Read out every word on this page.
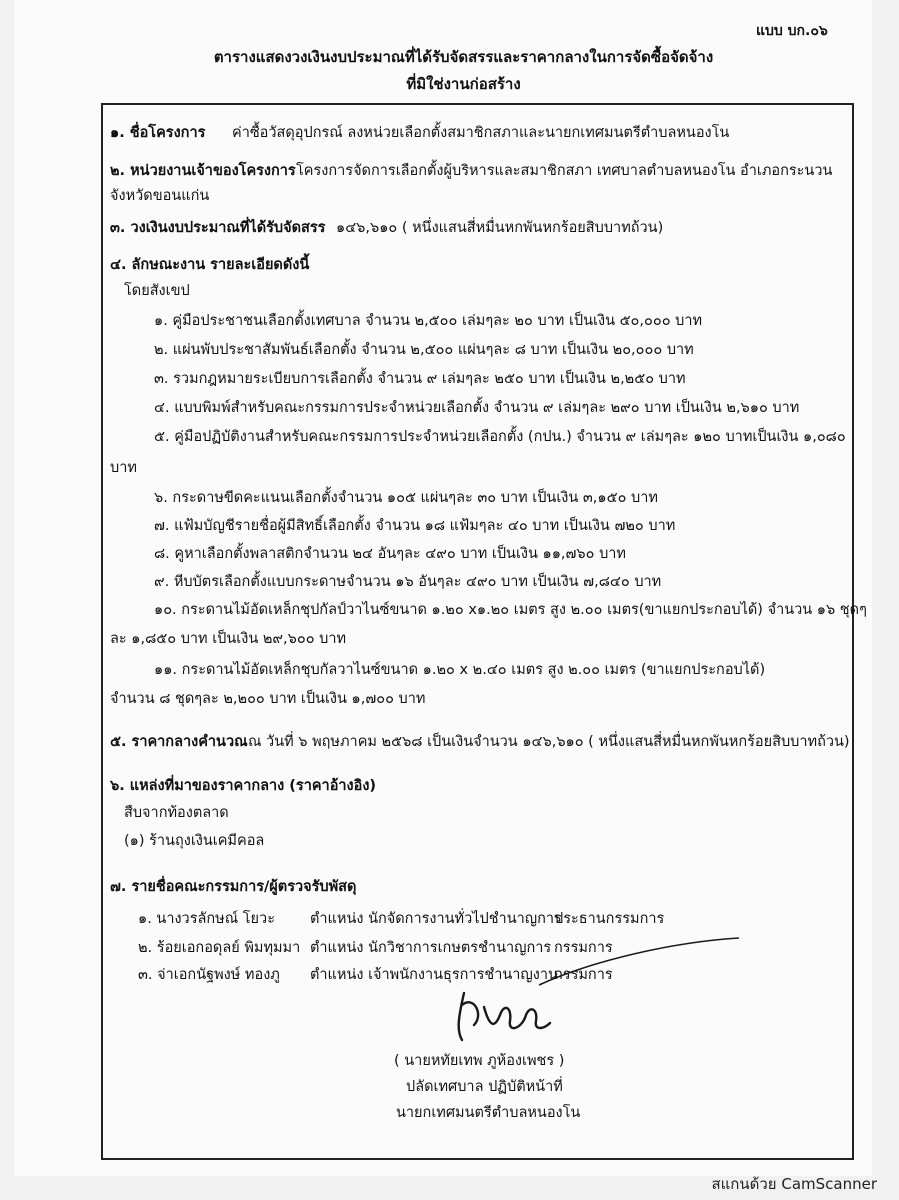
แบบ บก.๐๖
ตารางแสดงวงเงินงบประมาณที่ได้รับจัดสรรและราคากลางในการจัดซื้อจัดจ้าง
ที่มิใช่งานก่อสร้าง
๑. ชื่อโครงการ ค่าซื้อวัสดุอุปกรณ์ ลงหน่วยเลือกตั้งสมาชิกสภาและนายกเทศมนตรีตำบลหนองโน
๒. หน่วยงานเจ้าของโครงการ โครงการจัดการเลือกตั้งผู้บริหารและสมาชิกสภา เทศบาลตำบลหนองโน อำเภอกระนวน
จังหวัดขอนแก่น
๓. วงเงินงบประมาณที่ได้รับจัดสรร ๑๔๖,๖๑๐ ( หนึ่งแสนสี่หมื่นหกพันหกร้อยสิบบาทถ้วน)
๔. ลักษณะงาน รายละเอียดดังนี้
โดยสังเขป
๑. คู่มือประชาชนเลือกตั้งเทศบาล จำนวน ๒,๕๐๐ เล่มๆละ ๒๐ บาท เป็นเงิน ๕๐,๐๐๐ บาท
๒. แผ่นพับประชาสัมพันธ์เลือกตั้ง จำนวน ๒,๕๐๐ แผ่นๆละ ๘ บาท เป็นเงิน ๒๐,๐๐๐ บาท
๓. รวมกฎหมายระเบียบการเลือกตั้ง จำนวน ๙ เล่มๆละ ๒๕๐ บาท เป็นเงิน ๒,๒๕๐ บาท
๔. แบบพิมพ์สำหรับคณะกรรมการประจำหน่วยเลือกตั้ง จำนวน ๙ เล่มๆละ ๒๙๐ บาท เป็นเงิน ๒,๖๑๐ บาท
๕. คู่มือปฏิบัติงานสำหรับคณะกรรมการประจำหน่วยเลือกตั้ง (กปน.) จำนวน ๙ เล่มๆละ ๑๒๐ บาทเป็นเงิน ๑,๐๘๐
บาท
๖. กระดาษขีดคะแนนเลือกตั้งจำนวน ๑๐๕ แผ่นๆละ ๓๐ บาท เป็นเงิน ๓,๑๕๐ บาท
๗. แฟ้มบัญชีรายชื่อผู้มีสิทธิ์เลือกตั้ง จำนวน ๑๘ แฟ้มๆละ ๔๐ บาท เป็นเงิน ๗๒๐ บาท
๘. คูหาเลือกตั้งพลาสติกจำนวน ๒๔ อันๆละ ๔๙๐ บาท เป็นเงิน ๑๑,๗๖๐ บาท
๙. หีบบัตรเลือกตั้งแบบกระดาษจำนวน ๑๖ อันๆละ ๔๙๐ บาท เป็นเงิน ๗,๘๔๐ บาท
๑๐. กระดานไม้อัดเหล็กชุปกัลป์วาไนซ์ขนาด ๑.๒๐ x๑.๒๐ เมตร สูง ๒.๐๐ เมตร(ขาแยกประกอบได้) จำนวน ๑๖ ชุดๆ
ละ ๑,๘๕๐ บาท เป็นเงิน ๒๙,๖๐๐ บาท
๑๑. กระดานไม้อัดเหล็กชุบกัลวาไนซ์ขนาด ๑.๒๐ x ๒.๔๐ เมตร สูง ๒.๐๐ เมตร (ขาแยกประกอบได้)
จำนวน ๘ ชุดๆละ ๒,๒๐๐ บาท เป็นเงิน ๑,๗๐๐ บาท
๕. ราคากลางคำนวณ ณ วันที่ ๖ พฤษภาคม ๒๕๖๘ เป็นเงินจำนวน ๑๔๖,๖๑๐ ( หนึ่งแสนสี่หมื่นหกพันหกร้อยสิบบาทถ้วน)
๖. แหล่งที่มาของราคากลาง (ราคาอ้างอิง)
สืบจากท้องตลาด
(๑) ร้านถุงเงินเคมีคอล
๗. รายชื่อคณะกรรมการ/ผู้ตรวจรับพัสดุ
๑. นางวรลักษณ์ โยวะ ตำแหน่ง นักจัดการงานทั่วไปชำนาญการ
ประธานกรรมการ
๒. ร้อยเอกอดุลย์ พิมทุมมา ตำแหน่ง นักวิชาการเกษตรชำนาญการ กรรมการ
๓. จ่าเอกนัฐพงษ์ ทองภู ตำแหน่ง เจ้าพนักงานธุรการชำนาญงาน
กรรมการ
( นายหทัยเทพ ภูห้องเพชร )
ปลัดเทศบาล ปฏิบัติหน้าที่
นายกเทศมนตรีตำบลหนองโน
สแกนด้วย CamScanner
